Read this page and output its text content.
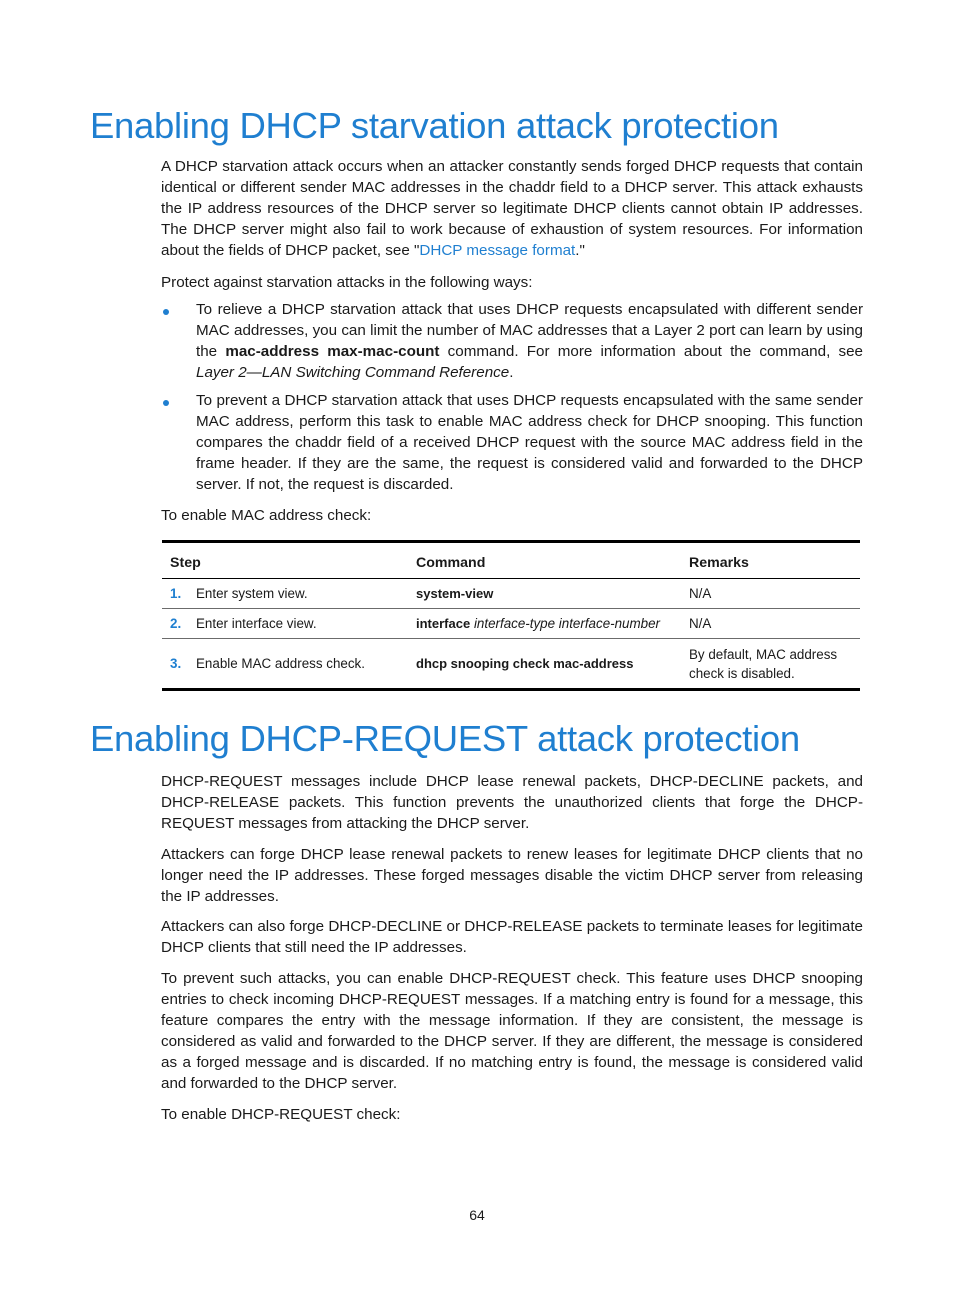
Enabling DHCP starvation attack protection

A DHCP starvation attack occurs when an attacker constantly sends forged DHCP requests that contain identical or different sender MAC addresses in the chaddr field to a DHCP server. This attack exhausts the IP address resources of the DHCP server so legitimate DHCP clients cannot obtain IP addresses. The DHCP server might also fail to work because of exhaustion of system resources. For information about the fields of DHCP packet, see "DHCP message format."

Protect against starvation attacks in the following ways:

To relieve a DHCP starvation attack that uses DHCP requests encapsulated with different sender MAC addresses, you can limit the number of MAC addresses that a Layer 2 port can learn by using the mac-address max-mac-count command. For more information about the command, see Layer 2—LAN Switching Command Reference.

To prevent a DHCP starvation attack that uses DHCP requests encapsulated with the same sender MAC address, perform this task to enable MAC address check for DHCP snooping. This function compares the chaddr field of a received DHCP request with the source MAC address field in the frame header. If they are the same, the request is considered valid and forwarded to the DHCP server. If not, the request is discarded.

To enable MAC address check:

Step	Command	Remarks
1. Enter system view.	system-view	N/A
2. Enter interface view.	interface interface-type interface-number	N/A
3. Enable MAC address check.	dhcp snooping check mac-address	By default, MAC address check is disabled.
Enabling DHCP-REQUEST attack protection

DHCP-REQUEST messages include DHCP lease renewal packets, DHCP-DECLINE packets, and DHCP-RELEASE packets. This function prevents the unauthorized clients that forge the DHCP-REQUEST messages from attacking the DHCP server.

Attackers can forge DHCP lease renewal packets to renew leases for legitimate DHCP clients that no longer need the IP addresses. These forged messages disable the victim DHCP server from releasing the IP addresses.

Attackers can also forge DHCP-DECLINE or DHCP-RELEASE packets to terminate leases for legitimate DHCP clients that still need the IP addresses.

To prevent such attacks, you can enable DHCP-REQUEST check. This feature uses DHCP snooping entries to check incoming DHCP-REQUEST messages. If a matching entry is found for a message, this feature compares the entry with the message information. If they are consistent, the message is considered as valid and forwarded to the DHCP server. If they are different, the message is considered as a forged message and is discarded. If no matching entry is found, the message is considered valid and forwarded to the DHCP server.

To enable DHCP-REQUEST check:

64
